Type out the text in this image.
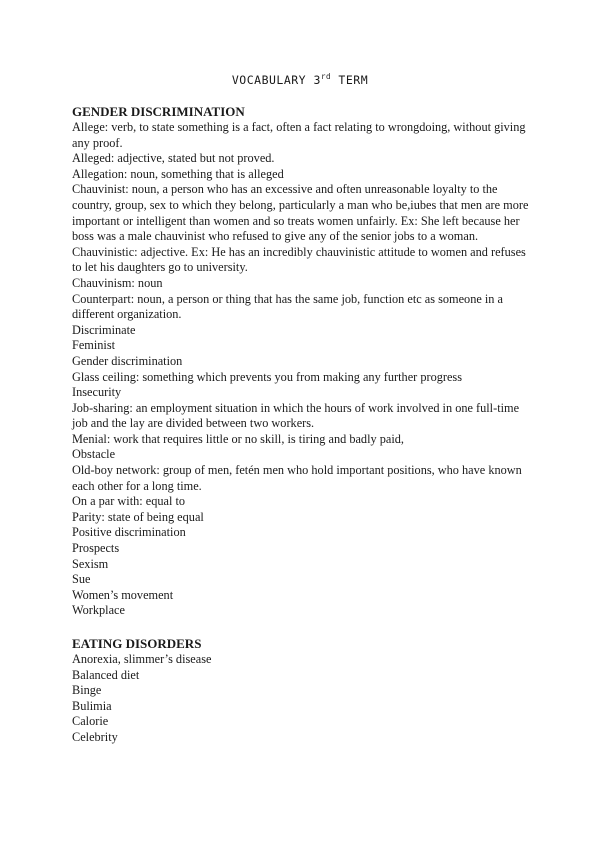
VOCABULARY 3rd TERM
GENDER DISCRIMINATION
Allege: verb, to state something is a fact, often a fact relating to wrongdoing, without giving any proof.
Alleged: adjective, stated but not proved.
Allegation: noun, something that is alleged
Chauvinist: noun, a person who has an excessive and often unreasonable loyalty to the country, group, sex to which they belong, particularly a man who be,iubes that men are more important or intelligent than women and so treats women unfairly. Ex: She left because her boss was a male chauvinist who refused to give any of the senior jobs to a woman.
Chauvinistic: adjective. Ex: He has an incredibly chauvinistic attitude to women and refuses to let his daughters go to university.
Chauvinism: noun
Counterpart: noun, a person or thing that has the same job, function etc as someone in a different organization.
Discriminate
Feminist
Gender discrimination
Glass ceiling: something which prevents you from making any further progress
Insecurity
Job-sharing: an employment situation in which the hours of work involved in one full-time job and the lay are divided between two workers.
Menial: work that requires little or no skill, is tiring and badly paid,
Obstacle
Old-boy network: group of men, fetén men who hold important positions, who have known each other for a long time.
On a par with: equal to
Parity: state of being equal
Positive discrimination
Prospects
Sexism
Sue
Women’s movement
Workplace
EATING DISORDERS
Anorexia, slimmer’s disease
Balanced diet
Binge
Bulimia
Calorie
Celebrity
